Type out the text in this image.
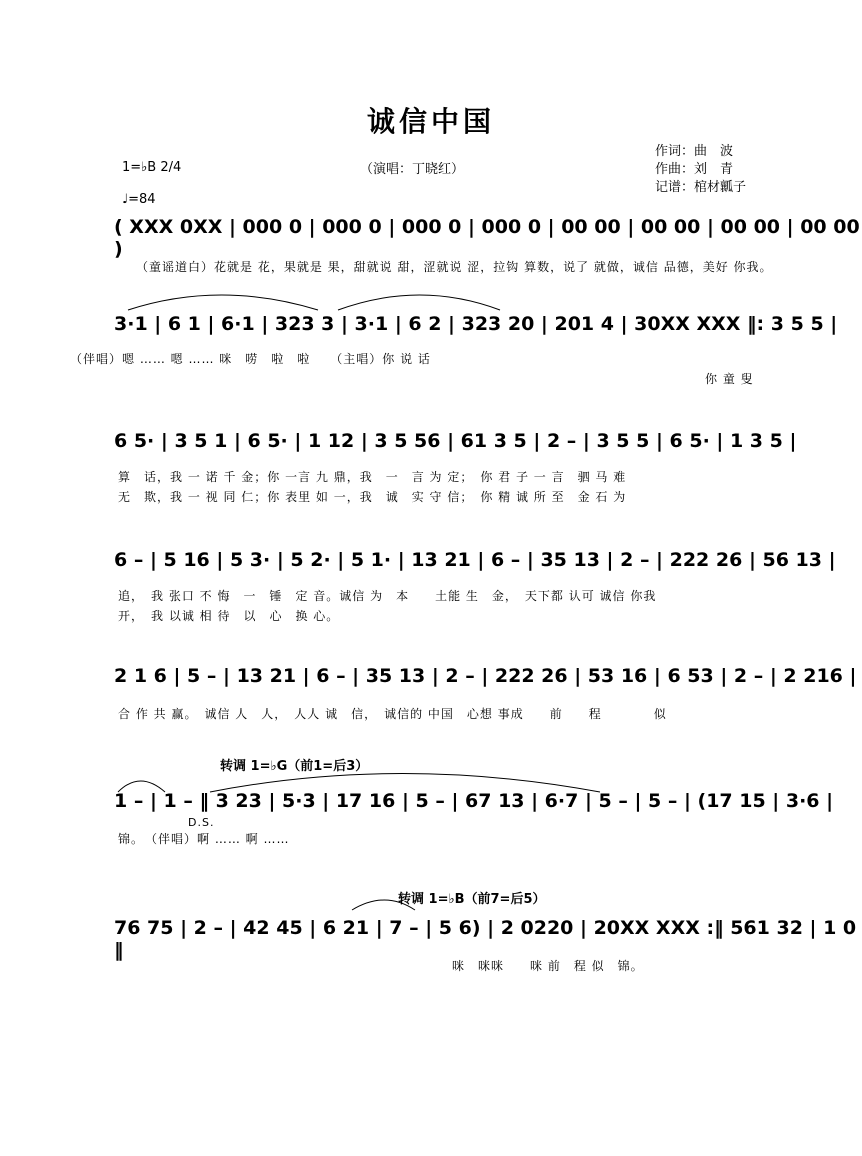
诚信中国
（演唱：丁晓红）
作词：曲　波
作曲：刘　青
记谱：棺材瓤子
1=♭B 2/4
♩=84
( XXX 0XX | 000 0 | 000 0 | 000 0 | 000 0 | 00 00 | 00 00 | 00 00 | 00 00 )
（童谣道白）花就是 花，果就是 果，甜就说 甜，涩就说 涩，拉钩 算数，说了 就做，诚信 品德，美好 你我。
3·1 | 6 1 | 6·1 | 323 3 | 3·1 | 6 2 | 323 20 | 201 4 | 30XX XXX ‖: 3 5 5 |
（伴唱）嗯 …… 嗯 …… 咪　唠　啦　啦　　（主唱）你 说 话
你 童 叟
6 5· | 3 5 1 | 6 5· | 1 12 | 3 5 56 | 61 3 5 | 2 – | 3 5 5 | 6 5· | 1 3 5 |
算　话，我 一 诺 千 金；你 一言 九 鼎，我　一　言 为 定；　你 君 子 一 言　驷 马 难
无　欺，我 一 视 同 仁；你 表里 如 一，我　诚　实 守 信；　你 精 诚 所 至　金 石 为
6 – | 5 16 | 5 3· | 5 2· | 5 1· | 13 21 | 6 – | 35 13 | 2 – | 222 26 | 56 13 |
追，　我 张口 不 悔　一　锤　定 音。诚信 为　本　　土能 生　金，　天下都 认可 诚信 你我
开，　我 以诚 相 待　以　心　换 心。
2 1 6 | 5 – | 13 21 | 6 – | 35 13 | 2 – | 222 26 | 53 16 | 6 53 | 2 – | 2 216 |
合 作 共 赢。　诚信 人　人，　人人 诚　信，　诚信的 中国　心想 事成　　前　　程　　　　似
转调 1=♭G（前1=后3）
D.S.
1 – | 1 – ‖ 3 23 | 5·3 | 17 16 | 5 – | 67 13 | 6·7 | 5 – | 5 – | (17 15 | 3·6 |
锦。　（伴唱）啊 …… 啊 ……
转调 1=♭B（前7=后5）
76 75 | 2 – | 42 45 | 6 21 | 7 – | 5 6) | 2 0220 | 20XX XXX :‖ 561 32 | 1 0 ‖
咪　咪咪　　咪 前　程 似　锦。
